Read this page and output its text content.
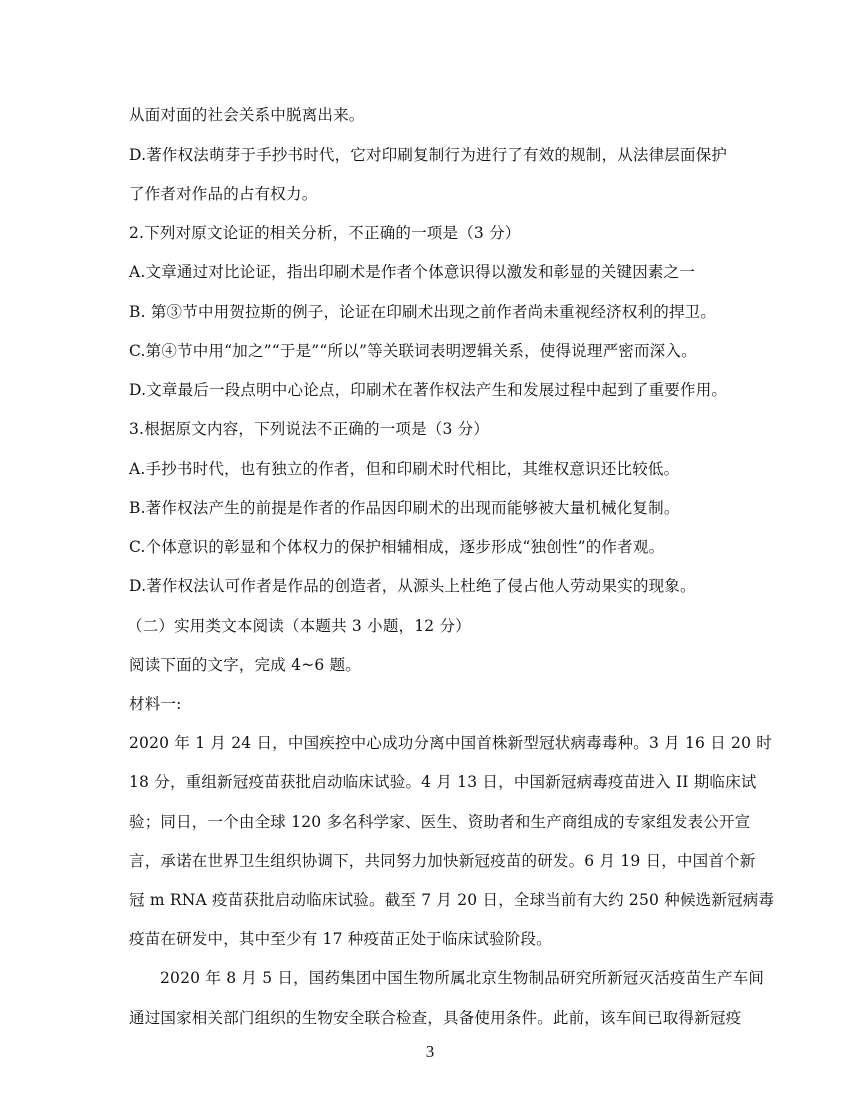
从面对面的社会关系中脱离出来。
D.著作权法萌芽于手抄书时代，它对印刷复制行为进行了有效的规制，从法律层面保护
了作者对作品的占有权力。
2.下列对原文论证的相关分析，不正确的一项是（3 分）
A.文章通过对比论证，指出印刷术是作者个体意识得以激发和彰显的关键因素之一
B. 第③节中用贺拉斯的例子，论证在印刷术出现之前作者尚未重视经济权利的捍卫。
C.第④节中用“加之”“于是”“所以”等关联词表明逻辑关系，使得说理严密而深入。
D.文章最后一段点明中心论点，印刷术在著作权法产生和发展过程中起到了重要作用。
3.根据原文内容，下列说法不正确的一项是（3 分）
A.手抄书时代，也有独立的作者，但和印刷术时代相比，其维权意识还比较低。
B.著作权法产生的前提是作者的作品因印刷术的出现而能够被大量机械化复制。
C.个体意识的彰显和个体权力的保护相辅相成，逐步形成“独创性”的作者观。
D.著作权法认可作者是作品的创造者，从源头上杜绝了侵占他人劳动果实的现象。
（二）实用类文本阅读（本题共 3 小题，12 分）
阅读下面的文字，完成 4~6 题。
材料一:
2020 年 1 月 24 日，中国疾控中心成功分离中国首株新型冠状病毒毒种。3 月 16 日 20 时
18 分，重组新冠疫苗获批启动临床试验。4 月 13 日，中国新冠病毒疫苗进入 II 期临床试
验；同日，一个由全球 120 多名科学家、医生、资助者和生产商组成的专家组发表公开宣
言，承诺在世界卫生组织协调下，共同努力加快新冠疫苗的研发。6 月 19 日，中国首个新
冠 m RNA 疫苗获批启动临床试验。截至 7 月 20 日，全球当前有大约 250 种候选新冠病毒
疫苗在研发中，其中至少有 17 种疫苗正处于临床试验阶段。
2020 年 8 月 5 日，国药集团中国生物所属北京生物制品研究所新冠灭活疫苗生产车间
通过国家相关部门组织的生物安全联合检查，具备使用条件。此前，该车间已取得新冠疫
3
